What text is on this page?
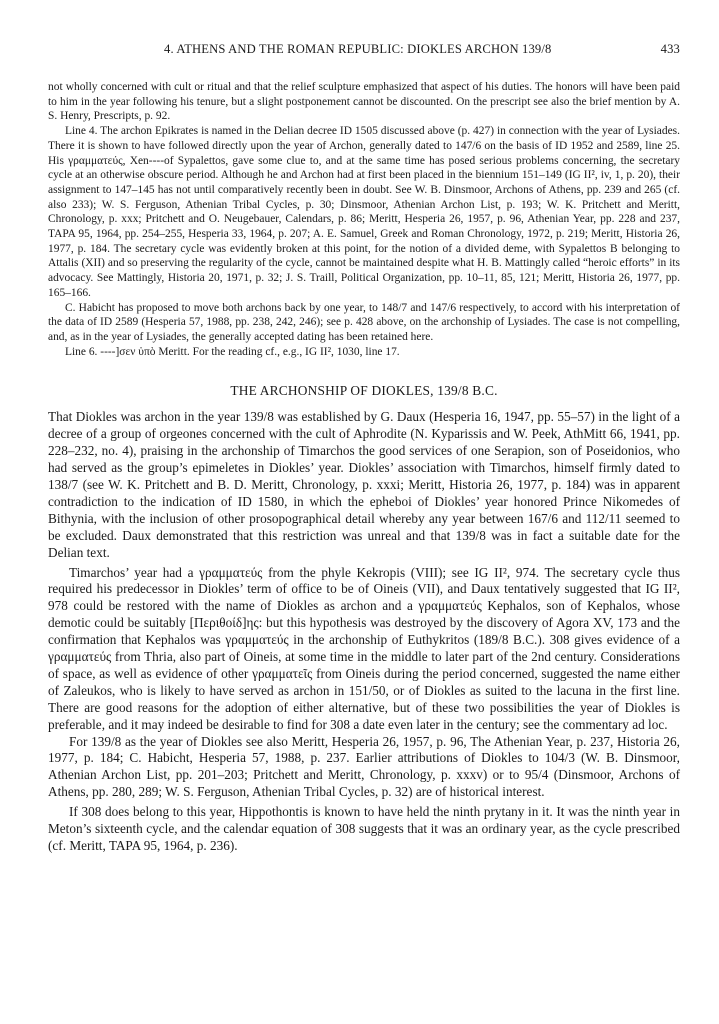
4. ATHENS AND THE ROMAN REPUBLIC: DIOKLES ARCHON 139/8	433

not wholly concerned with cult or ritual and that the relief sculpture emphasized that aspect of his duties. The honors will have been paid to him in the year following his tenure, but a slight postponement cannot be discounted. On the prescript see also the brief mention by A. S. Henry, Prescripts, p. 92.

Line 4. The archon Epikrates is named in the Delian decree ID 1505 discussed above (p. 427) in connection with the year of Lysiades. There it is shown to have followed directly upon the year of Archon, generally dated to 147/6 on the basis of ID 1952 and 2589, line 25. His γραμματεύς, Xen----of Sypalettos, gave some clue to, and at the same time has posed serious problems concerning, the secretary cycle at an otherwise obscure period. Although he and Archon had at first been placed in the biennium 151–149 (IG II², iv, 1, p. 20), their assignment to 147–145 has not until comparatively recently been in doubt. See W. B. Dinsmoor, Archons of Athens, pp. 239 and 265 (cf. also 233); W. S. Ferguson, Athenian Tribal Cycles, p. 30; Dinsmoor, Athenian Archon List, p. 193; W. K. Pritchett and Meritt, Chronology, p. xxx; Pritchett and O. Neugebauer, Calendars, p. 86; Meritt, Hesperia 26, 1957, p. 96, Athenian Year, pp. 228 and 237, TAPA 95, 1964, pp. 254–255, Hesperia 33, 1964, p. 207; A. E. Samuel, Greek and Roman Chronology, 1972, p. 219; Meritt, Historia 26, 1977, p. 184. The secretary cycle was evidently broken at this point, for the notion of a divided deme, with Sypalettos B belonging to Attalis (XII) and so preserving the regularity of the cycle, cannot be maintained despite what H. B. Mattingly called “heroic efforts” in its advocacy. See Mattingly, Historia 20, 1971, p. 32; J. S. Traill, Political Organization, pp. 10–11, 85, 121; Meritt, Historia 26, 1977, pp. 165–166.

C. Habicht has proposed to move both archons back by one year, to 148/7 and 147/6 respectively, to accord with his interpretation of the data of ID 2589 (Hesperia 57, 1988, pp. 238, 242, 246); see p. 428 above, on the archonship of Lysiades. The case is not compelling, and, as in the year of Lysiades, the generally accepted dating has been retained here.

Line 6. ----]σεν ὑπὸ Meritt. For the reading cf., e.g., IG II², 1030, line 17.

THE ARCHONSHIP OF DIOKLES, 139/8 B.C.

That Diokles was archon in the year 139/8 was established by G. Daux (Hesperia 16, 1947, pp. 55–57) in the light of a decree of a group of orgeones concerned with the cult of Aphrodite (N. Kyparissis and W. Peek, AthMitt 66, 1941, pp. 228–232, no. 4), praising in the archonship of Timarchos the good services of one Serapion, son of Poseidonios, who had served as the group’s epimeletes in Diokles’ year. Diokles’ association with Timarchos, himself firmly dated to 138/7 (see W. K. Pritchett and B. D. Meritt, Chronology, p. xxxi; Meritt, Historia 26, 1977, p. 184) was in apparent contradiction to the indication of ID 1580, in which the epheboi of Diokles’ year honored Prince Nikomedes of Bithynia, with the inclusion of other prosopographical detail whereby any year between 167/6 and 112/11 seemed to be excluded. Daux demonstrated that this restriction was unreal and that 139/8 was in fact a suitable date for the Delian text.

Timarchos’ year had a γραμματεύς from the phyle Kekropis (VIII); see IG II², 974. The secretary cycle thus required his predecessor in Diokles’ term of office to be of Oineis (VII), and Daux tentatively suggested that IG II², 978 could be restored with the name of Diokles as archon and a γραμματεύς Kephalos, son of Kephalos, whose demotic could be suitably [Περιθοίδ]ης: but this hypothesis was destroyed by the discovery of Agora XV, 173 and the confirmation that Kephalos was γραμματεύς in the archonship of Euthykritos (189/8 B.C.). 308 gives evidence of a γραμματεύς from Thria, also part of Oineis, at some time in the middle to later part of the 2nd century. Considerations of space, as well as evidence of other γραμματεῖς from Oineis during the period concerned, suggested the name either of Zaleukos, who is likely to have served as archon in 151/50, or of Diokles as suited to the lacuna in the first line. There are good reasons for the adoption of either alternative, but of these two possibilities the year of Diokles is preferable, and it may indeed be desirable to find for 308 a date even later in the century; see the commentary ad loc.

For 139/8 as the year of Diokles see also Meritt, Hesperia 26, 1957, p. 96, The Athenian Year, p. 237, Historia 26, 1977, p. 184; C. Habicht, Hesperia 57, 1988, p. 237. Earlier attributions of Diokles to 104/3 (W. B. Dinsmoor, Athenian Archon List, pp. 201–203; Pritchett and Meritt, Chronology, p. xxxv) or to 95/4 (Dinsmoor, Archons of Athens, pp. 280, 289; W. S. Ferguson, Athenian Tribal Cycles, p. 32) are of historical interest.

If 308 does belong to this year, Hippothontis is known to have held the ninth prytany in it. It was the ninth year in Meton’s sixteenth cycle, and the calendar equation of 308 suggests that it was an ordinary year, as the cycle prescribed (cf. Meritt, TAPA 95, 1964, p. 236).
